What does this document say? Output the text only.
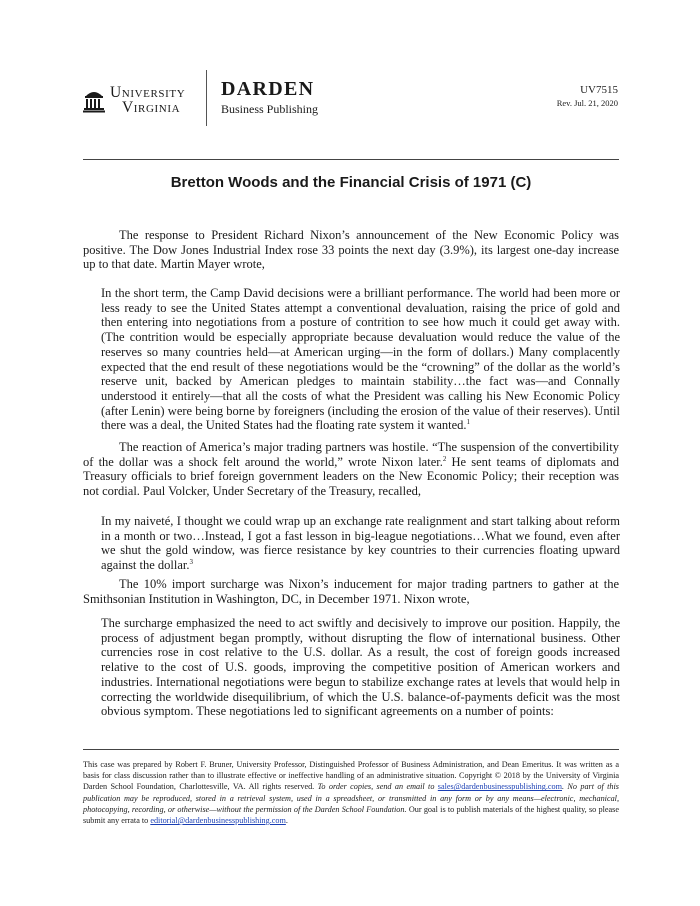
University
Virginia
DARDEN
Business Publishing
UV7515
Rev. Jul. 21, 2020
Bretton Woods and the Financial Crisis of 1971 (C)

The response to President Richard Nixon’s announcement of the New Economic Policy was positive. The Dow Jones Industrial Index rose 33 points the next day (3.9%), its largest one-day increase up to that date. Martin Mayer wrote,

In the short term, the Camp David decisions were a brilliant performance. The world had been more or less ready to see the United States attempt a conventional devaluation, raising the price of gold and then entering into negotiations from a posture of contrition to see how much it could get away with. (The contrition would be especially appropriate because devaluation would reduce the value of the reserves so many countries held—at American urging—in the form of dollars.) Many complacently expected that the end result of these negotiations would be the “crowning” of the dollar as the world’s reserve unit, backed by American pledges to maintain stability…the fact was—and Connally understood it entirely—that all the costs of what the President was calling his New Economic Policy (after Lenin) were being borne by foreigners (including the erosion of the value of their reserves). Until there was a deal, the United States had the floating rate system it wanted.$^1$

The reaction of America’s major trading partners was hostile. “The suspension of the convertibility of the dollar was a shock felt around the world,” wrote Nixon later.$^2$ He sent teams of diplomats and Treasury officials to brief foreign government leaders on the New Economic Policy; their reception was not cordial. Paul Volcker, Under Secretary of the Treasury, recalled,

In my naiveté, I thought we could wrap up an exchange rate realignment and start talking about reform in a month or two…Instead, I got a fast lesson in big-league negotiations…What we found, even after we shut the gold window, was fierce resistance by key countries to their currencies floating upward against the dollar.$^3$

The 10% import surcharge was Nixon’s inducement for major trading partners to gather at the Smithsonian Institution in Washington, DC, in December 1971. Nixon wrote,

The surcharge emphasized the need to act swiftly and decisively to improve our position. Happily, the process of adjustment began promptly, without disrupting the flow of international business. Other currencies rose in cost relative to the U.S. dollar. As a result, the cost of foreign goods increased relative to the cost of U.S. goods, improving the competitive position of American workers and industries. International negotiations were begun to stabilize exchange rates at levels that would help in correcting the worldwide disequilibrium, of which the U.S. balance-of-payments deficit was the most obvious symptom. These negotiations led to significant agreements on a number of points:

This case was prepared by Robert F. Bruner, University Professor, Distinguished Professor of Business Administration, and Dean Emeritus. It was written as a basis for class discussion rather than to illustrate effective or ineffective handling of an administrative situation. Copyright © 2018 by the University of Virginia Darden School Foundation, Charlottesville, VA. All rights reserved. To order copies, send an email to sales@dardenbusinesspublishing.com. No part of this publication may be reproduced, stored in a retrieval system, used in a spreadsheet, or transmitted in any form or by any means—electronic, mechanical, photocopying, recording, or otherwise—without the permission of the Darden School Foundation. Our goal is to publish materials of the highest quality, so please submit any errata to editorial@dardenbusinesspublishing.com.
